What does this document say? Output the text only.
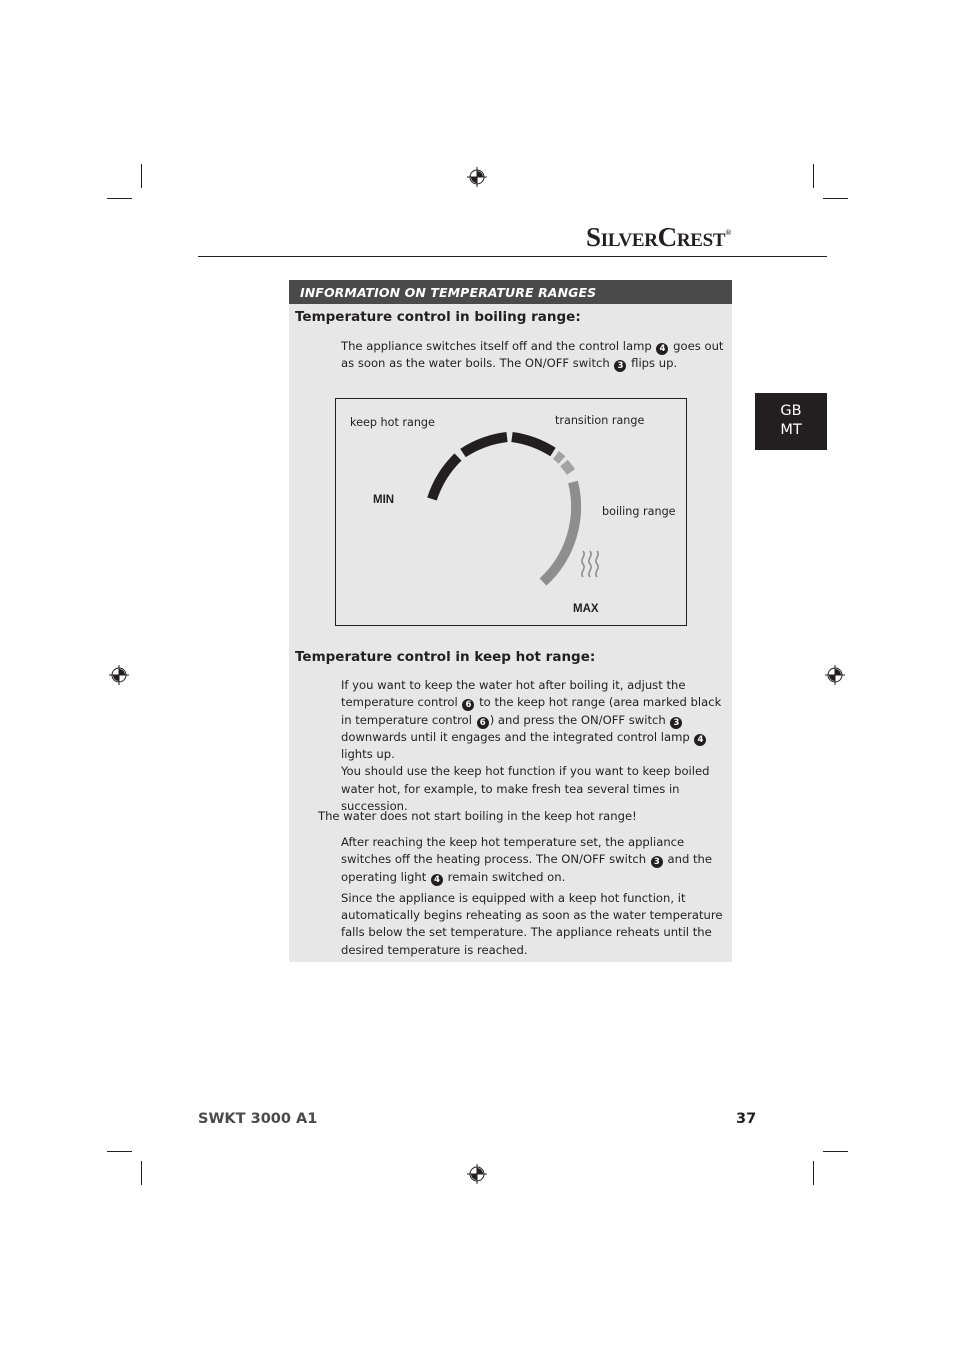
SILVERCREST®
GB
MT
INFORMATION ON TEMPERATURE RANGES
Temperature control in boiling range:

The appliance switches itself off and the control lamp 4 goes out as soon as the water boils. The ON/OFF switch 3 flips up.

keep hot range	transition range
boiling range
MIN
MAX
Temperature control in keep hot range:

If you want to keep the water hot after boiling it, adjust the temperature control 6 to the keep hot range (area marked black in temperature control 6 ) and press the ON/OFF switch 3 downwards until it engages and the integrated control lamp 4 lights up.

You should use the keep hot function if you want to keep boiled water hot, for example, to make fresh tea several times in succession.

The water does not start boiling in the keep hot range!

After reaching the keep hot temperature set, the appliance switches off the heating process. The ON/OFF switch 3 and the operating light 4 remain switched on.

Since the appliance is equipped with a keep hot function, it automatically begins reheating as soon as the water temperature falls below the set temperature. The appliance reheats until the desired temperature is reached.

SWKT 3000 A1	37
